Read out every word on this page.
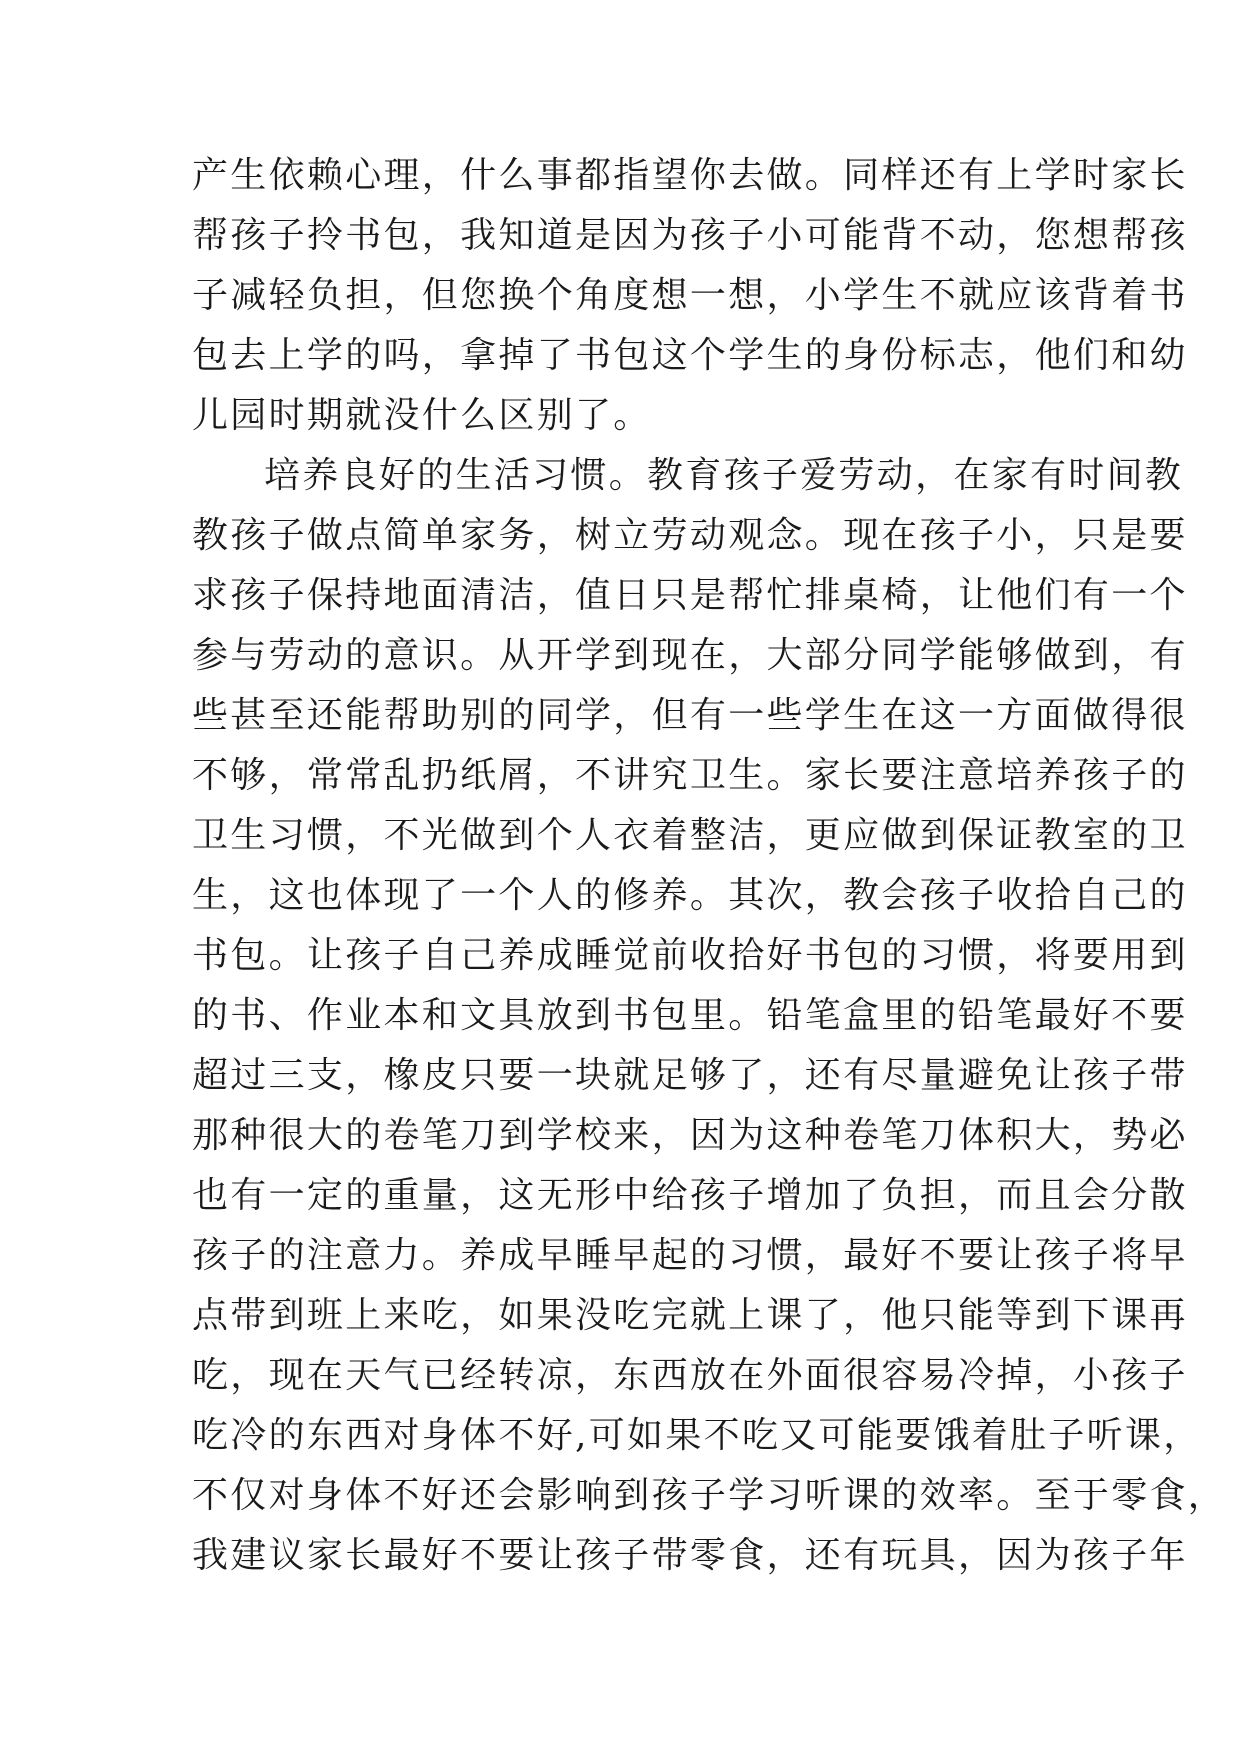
产生依赖心理，什么事都指望你去做。同样还有上学时家长
帮孩子拎书包，我知道是因为孩子小可能背不动，您想帮孩
子减轻负担，但您换个角度想一想，小学生不就应该背着书
包去上学的吗，拿掉了书包这个学生的身份标志，他们和幼
儿园时期就没什么区别了。
培养良好的生活习惯。教育孩子爱劳动，在家有时间教
教孩子做点简单家务，树立劳动观念。现在孩子小，只是要
求孩子保持地面清洁，值日只是帮忙排桌椅，让他们有一个
参与劳动的意识。从开学到现在，大部分同学能够做到，有
些甚至还能帮助别的同学，但有一些学生在这一方面做得很
不够，常常乱扔纸屑，不讲究卫生。家长要注意培养孩子的
卫生习惯，不光做到个人衣着整洁，更应做到保证教室的卫
生，这也体现了一个人的修养。其次，教会孩子收拾自己的
书包。让孩子自己养成睡觉前收拾好书包的习惯，将要用到
的书、作业本和文具放到书包里。铅笔盒里的铅笔最好不要
超过三支，橡皮只要一块就足够了，还有尽量避免让孩子带
那种很大的卷笔刀到学校来，因为这种卷笔刀体积大，势必
也有一定的重量，这无形中给孩子增加了负担，而且会分散
孩子的注意力。养成早睡早起的习惯，最好不要让孩子将早
点带到班上来吃，如果没吃完就上课了，他只能等到下课再
吃，现在天气已经转凉，东西放在外面很容易冷掉，小孩子
吃冷的东西对身体不好,可如果不吃又可能要饿着肚子听课，
不仅对身体不好还会影响到孩子学习听课的效率。至于零食，
我建议家长最好不要让孩子带零食，还有玩具，因为孩子年
